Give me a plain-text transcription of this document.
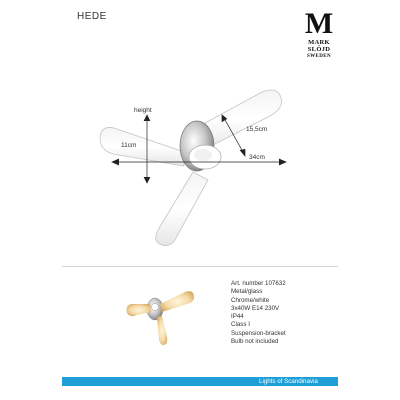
HEDE	M
MARK
SLÖJD
SWEDEN
height
11cm
15,5cm
34cm
Art. number 107632
Metal/glass
Chrome/white
3x40W E14 230V
IP44
Class I
Suspension-bracket
Bulb not included
Lights of Scandinavia
